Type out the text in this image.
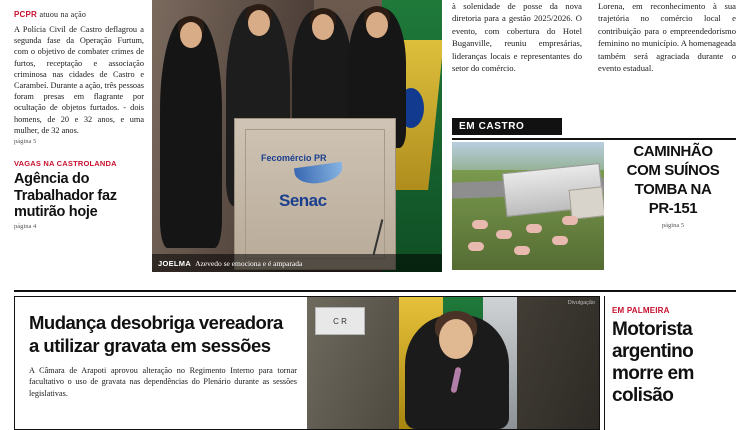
PCPR atuou na ação
A Polícia Civil de Castro deflagrou a segunda fase da Operação Furtum, com o objetivo de combater crimes de furtos, receptação e associação criminosa nas cidades de Castro e Carambeí. Durante a ação, três pessoas foram presas em flagrante por ocultação de objetos furtados. - dois homens, de 20 e 32 anos, e uma mulher, de 32 anos.
página 5
VAGAS NA CASTROLANDA
Agência do Trabalhador faz mutirão hoje
página 4
Fecomércio PR
Senac
JOELMA Azevedo se emociona e é amparada
à solenidade de posse da nova diretoria para a gestão 2025/2026. O evento, com cobertura do Hotel Buganville, reuniu empresárias, lideranças locais e representantes do setor do comércio.
Lorena, em reconhecimento à sua trajetória no comércio local e contribuição para o empreendedorismo feminino no município. A homenageada também será agraciada durante o evento estadual.
EM CASTRO
CAMINHÃO
COM SUÍNOS
TOMBA NA
PR-151
página 5
Mudança desobriga vereadora a utilizar gravata em sessões
A Câmara de Arapoti aprovou alteração no Regimento Interno para tornar facultativo o uso de gravata nas dependências do Plenário durante as sessões legislativas.
C R
Divulgação
EM PALMEIRA
Motorista argentino morre em colisão
